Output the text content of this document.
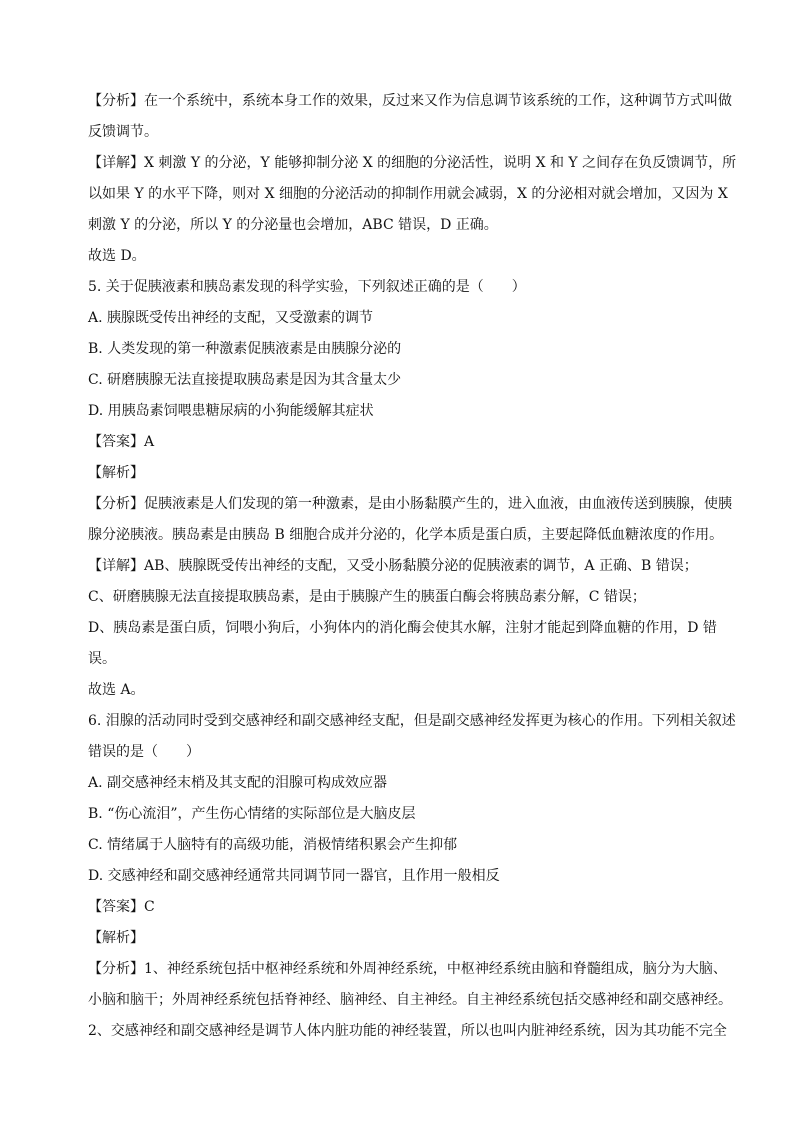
【分析】在一个系统中，系统本身工作的效果，反过来又作为信息调节该系统的工作，这种调节方式叫做
反馈调节。
【详解】X 刺激 Y 的分泌，Y 能够抑制分泌 X 的细胞的分泌活性，说明 X 和 Y 之间存在负反馈调节，所
以如果 Y 的水平下降，则对 X 细胞的分泌活动的抑制作用就会减弱，X 的分泌相对就会增加，又因为 X
刺激 Y 的分泌，所以 Y 的分泌量也会增加，ABC 错误，D 正确。
故选 D。
5. 关于促胰液素和胰岛素发现的科学实验，下列叙述正确的是（　　）
A. 胰腺既受传出神经的支配，又受激素的调节
B. 人类发现的第一种激素促胰液素是由胰腺分泌的
C. 研磨胰腺无法直接提取胰岛素是因为其含量太少
D. 用胰岛素饲喂患糖尿病的小狗能缓解其症状
【答案】A
【解析】
【分析】促胰液素是人们发现的第一种激素，是由小肠黏膜产生的，进入血液，由血液传送到胰腺，使胰
腺分泌胰液。胰岛素是由胰岛 B 细胞合成并分泌的，化学本质是蛋白质，主要起降低血糖浓度的作用。
【详解】AB、胰腺既受传出神经的支配，又受小肠黏膜分泌的促胰液素的调节，A 正确、B 错误；
C、研磨胰腺无法直接提取胰岛素，是由于胰腺产生的胰蛋白酶会将胰岛素分解，C 错误；
D、胰岛素是蛋白质，饲喂小狗后，小狗体内的消化酶会使其水解，注射才能起到降血糖的作用，D 错
误。
故选 A。
6. 泪腺的活动同时受到交感神经和副交感神经支配，但是副交感神经发挥更为核心的作用。下列相关叙述
错误的是（　　）
A. 副交感神经末梢及其支配的泪腺可构成效应器
B. “伤心流泪”，产生伤心情绪的实际部位是大脑皮层
C. 情绪属于人脑特有的高级功能，消极情绪积累会产生抑郁
D. 交感神经和副交感神经通常共同调节同一器官，且作用一般相反
【答案】C
【解析】
【分析】1、神经系统包括中枢神经系统和外周神经系统，中枢神经系统由脑和脊髓组成，脑分为大脑、
小脑和脑干；外周神经系统包括脊神经、脑神经、自主神经。自主神经系统包括交感神经和副交感神经。
2、交感神经和副交感神经是调节人体内脏功能的神经装置，所以也叫内脏神经系统，因为其功能不完全
